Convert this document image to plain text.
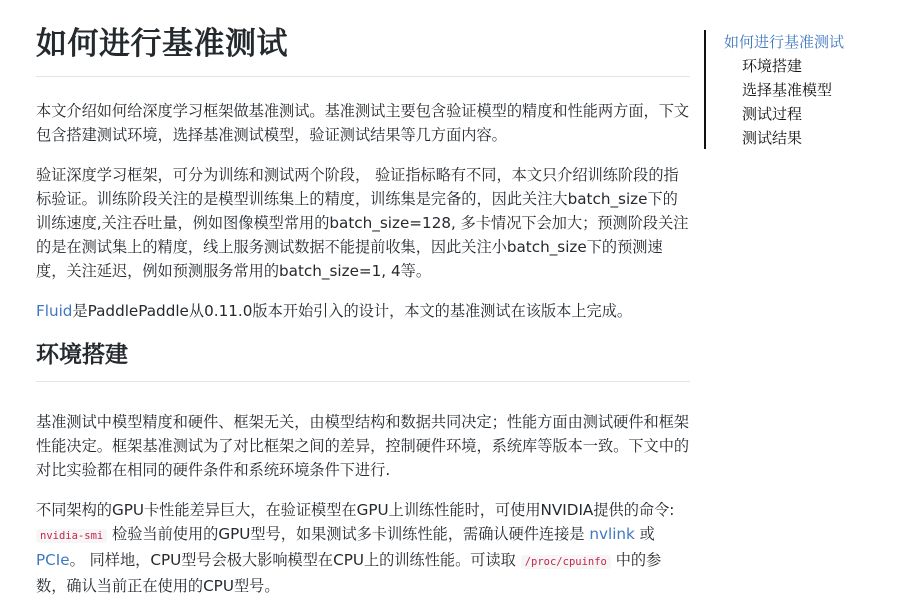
如何进行基准测试

本文介绍如何给深度学习框架做基准测试。基准测试主要包含验证模型的精度和性能两方面，下文包含搭建测试环境，选择基准测试模型，验证测试结果等几方面内容。

验证深度学习框架，可分为训练和测试两个阶段， 验证指标略有不同，本文只介绍训练阶段的指标验证。训练阶段关注的是模型训练集上的精度，训练集是完备的，因此关注大batch_size下的训练速度,关注吞吐量，例如图像模型常用的batch_size=128, 多卡情况下会加大；预测阶段关注的是在测试集上的精度，线上服务测试数据不能提前收集，因此关注小batch_size下的预测速度，关注延迟，例如预测服务常用的batch_size=1, 4等。

Fluid是PaddlePaddle从0.11.0版本开始引入的设计，本文的基准测试在该版本上完成。

环境搭建

基准测试中模型精度和硬件、框架无关，由模型结构和数据共同决定；性能方面由测试硬件和框架性能决定。框架基准测试为了对比框架之间的差异，控制硬件环境，系统库等版本一致。下文中的对比实验都在相同的硬件条件和系统环境条件下进行.

不同架构的GPU卡性能差异巨大，在验证模型在GPU上训练性能时，可使用NVIDIA提供的命令: nvidia-smi 检验当前使用的GPU型号，如果测试多卡训练性能，需确认硬件连接是 nvlink 或 PCIe。 同样地，CPU型号会极大影响模型在CPU上的训练性能。可读取 /proc/cpuinfo 中的参数，确认当前正在使用的CPU型号。

如何进行基准测试
环境搭建
选择基准模型
测试过程
测试结果
